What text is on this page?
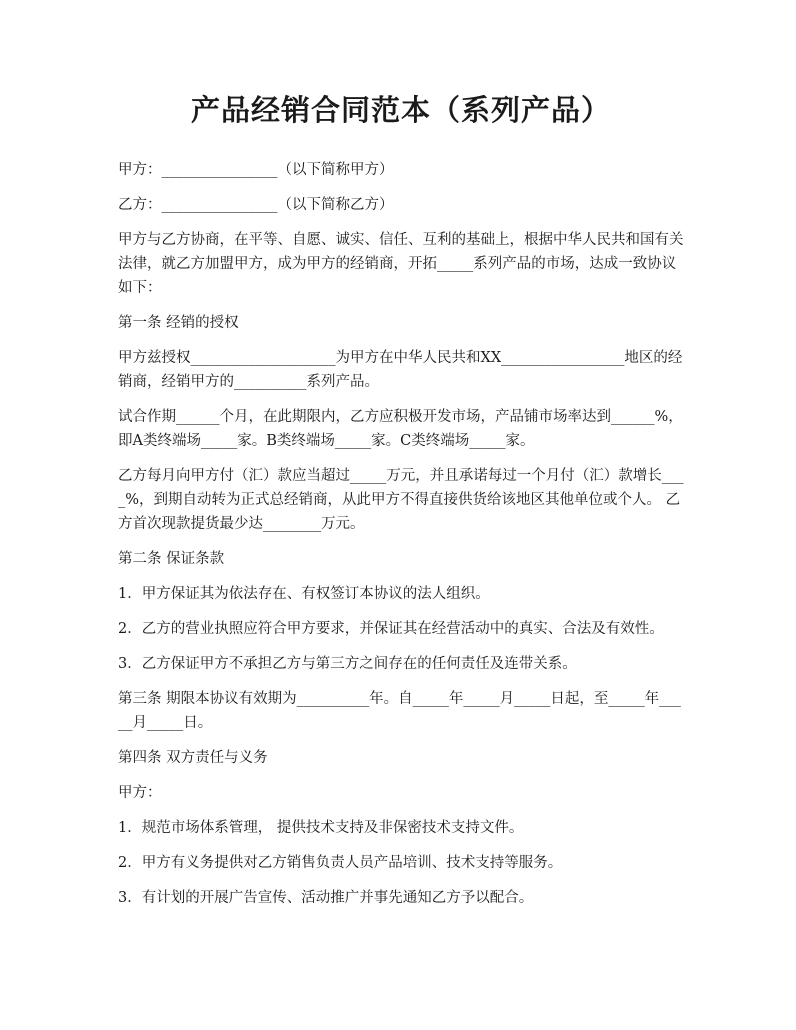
产品经销合同范本（系列产品）

甲方：________________（以下简称甲方）

乙方：________________（以下简称乙方）

甲方与乙方协商，在平等、自愿、诚实、信任、互利的基础上，根据中华人民共和国有关法律，就乙方加盟甲方，成为甲方的经销商，开拓_____系列产品的市场，达成一致协议如下：

第一条 经销的授权

甲方兹授权____________________为甲方在中华人民共和XX_________________地区的经销商，经销甲方的__________系列产品。

试合作期______个月，在此期限内，乙方应积极开发市场，产品铺市场率达到______%，即A类终端场_____家。B类终端场_____家。C类终端场_____家。

乙方每月向甲方付（汇）款应当超过_____万元，并且承诺每过一个月付（汇）款增长____%，到期自动转为正式总经销商，从此甲方不得直接供货给该地区其他单位或个人。 乙方首次现款提货最少达________万元。

第二条 保证条款

1．甲方保证其为依法存在、有权签订本协议的法人组织。

2．乙方的营业执照应符合甲方要求，并保证其在经营活动中的真实、合法及有效性。

3．乙方保证甲方不承担乙方与第三方之间存在的任何责任及连带关系。

第三条 期限本协议有效期为__________年。自_____年_____月_____日起，至_____年_____月_____日。

第四条 双方责任与义务

甲方：

1．规范市场体系管理， 提供技术支持及非保密技术支持文件。

2．甲方有义务提供对乙方销售负责人员产品培训、技术支持等服务。

3．有计划的开展广告宣传、活动推广并事先通知乙方予以配合。
